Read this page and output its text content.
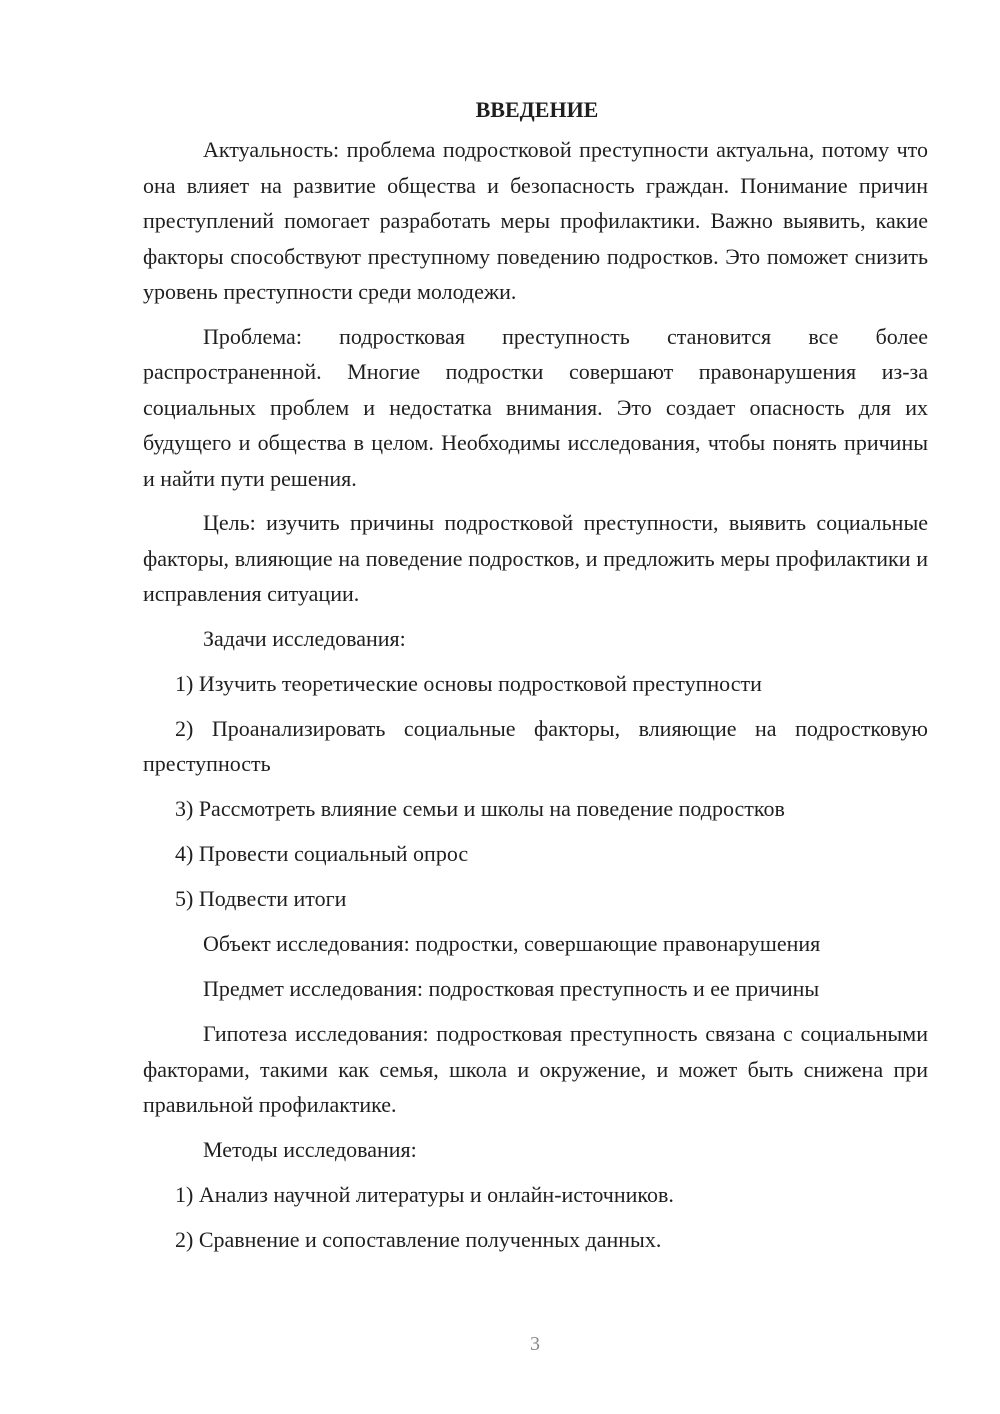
ВВЕДЕНИЕ

Актуальность: проблема подростковой преступности актуальна, потому что она влияет на развитие общества и безопасность граждан. Понимание причин преступлений помогает разработать меры профилактики. Важно выявить, какие факторы способствуют преступному поведению подростков. Это поможет снизить уровень преступности среди молодежи.

Проблема: подростковая преступность становится все более распространенной. Многие подростки совершают правонарушения из-за социальных проблем и недостатка внимания. Это создает опасность для их будущего и общества в целом. Необходимы исследования, чтобы понять причины и найти пути решения.

Цель: изучить причины подростковой преступности, выявить социальные факторы, влияющие на поведение подростков, и предложить меры профилактики и исправления ситуации.

Задачи исследования:
1) Изучить теоретические основы подростковой преступности
2) Проанализировать социальные факторы, влияющие на подростковую преступность
3) Рассмотреть влияние семьи и школы на поведение подростков
4) Провести социальный опрос
5) Подвести итоги
Объект исследования: подростки, совершающие правонарушения
Предмет исследования: подростковая преступность и ее причины

Гипотеза исследования: подростковая преступность связана с социальными факторами, такими как семья, школа и окружение, и может быть снижена при правильной профилактике.

Методы исследования:
1) Анализ научной литературы и онлайн-источников.
2) Сравнение и сопоставление полученных данных.
3
